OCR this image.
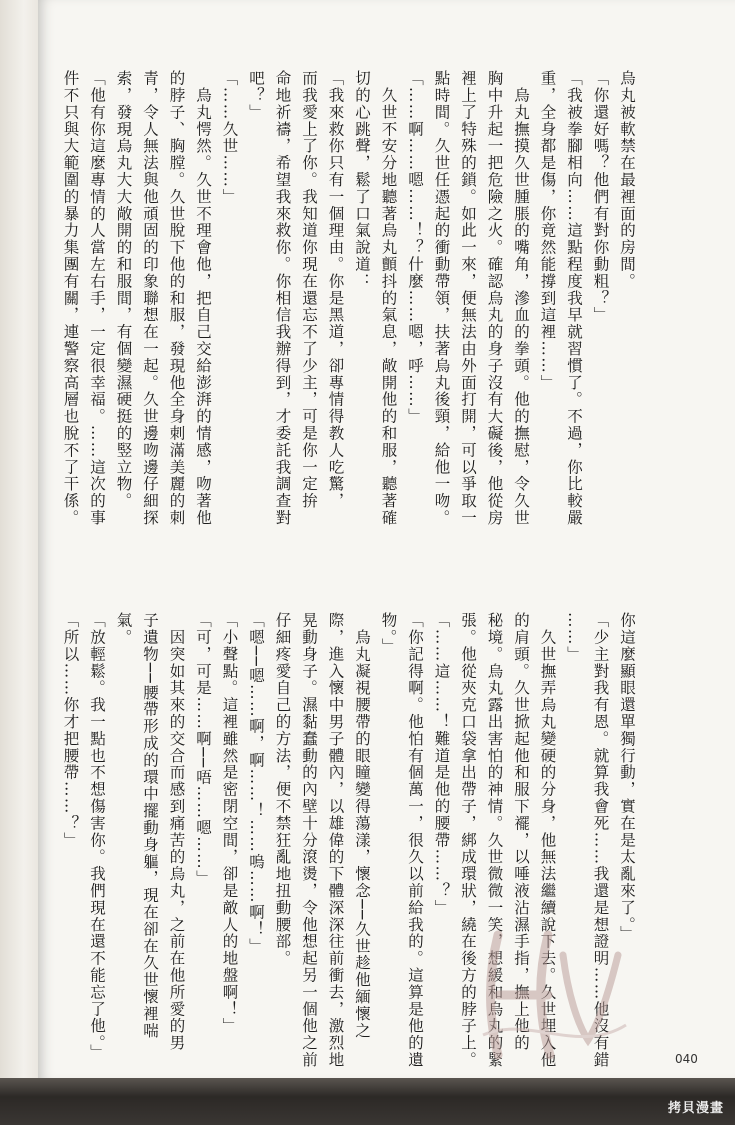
烏丸被軟禁在最裡面的房間。
「你還好嗎？他們有對你動粗？」
「我被拳腳相向……這點程度我早就習慣了。不過，你比較嚴
重，全身都是傷，你竟然能撐到這裡……」
　烏丸撫摸久世腫脹的嘴角，滲血的拳頭。他的撫慰，令久世
胸中升起一把危險之火。確認烏丸的身子沒有大礙後，他從房
裡上了特殊的鎖。如此一來，便無法由外面打開，可以爭取一
點時間。久世任憑起的衝動帶領，扶著烏丸後頸，給他一吻。
「……啊……嗯……！？什麼……嗯，呼……」
　久世不安分地聽著烏丸顫抖的氣息，敞開他的和服，聽著確
切的心跳聲，鬆了口氣說道：
「我來救你只有一個理由。你是黑道，卻專情得教人吃驚，
而我愛上了你。我知道你現在還忘不了少主，可是你一定拚
命地祈禱，希望我來救你。你相信我辦得到，才委託我調查對
吧？」
「……久世……」
　烏丸愕然。久世不理會他，把自己交給澎湃的情感，吻著他
的脖子、胸膛。久世脫下他的和服，發現他全身刺滿美麗的刺
青，令人無法與他頑固的印象聯想在一起。久世邊吻邊仔細探
索，發現烏丸大大敞開的和服間，有個變濕硬挺的竪立物。
「他有你這麼專情的人當左右手，一定很幸福。……這次的事
件不只與大範圍的暴力集團有關，連警察高層也脫不了干係。
你這麼顯眼還單獨行動，實在是太亂來了。」
「少主對我有恩。就算我會死……我還是想證明……他沒有錯
……」
　久世撫弄烏丸變硬的分身，他無法繼續說下去。久世埋入他
的肩頭。久世掀起他和服下襬，以唾液沾濕手指，撫上他的
秘境。烏丸露出害怕的神情。久世微微一笑，想緩和烏丸的緊
張。他從夾克口袋拿出帶子，綁成環狀，繞在後方的脖子上。
「……這……！難道是他的腰帶……？」
「你記得啊。他怕有個萬一，很久以前給我的。這算是他的遺
物。」
　烏丸凝視腰帶的眼瞳變得蕩漾，懷念──久世趁他緬懷之
際，進入懷中男子體內，以雄偉的下體深深往前衝去，激烈地
晃動身子。濕黏蠢動的內壁十分滾燙，令他想起另一個他之前
仔細疼愛自己的方法，便不禁狂亂地扭動腰部。
「嗯──嗯……啊，啊……！……嗚……啊！」
「小聲點。這裡雖然是密閉空間，卻是敵人的地盤啊！」
「可，可是……啊──唔……嗯……」
　因突如其來的交合而感到痛苦的烏丸，之前在他所愛的男
子遺物──腰帶形成的環中擺動身軀，現在卻在久世懷裡喘
氣。
「放輕鬆。我一點也不想傷害你。我們現在還不能忘了他。」
「所以……你才把腰帶……？」
040
拷貝漫畫
